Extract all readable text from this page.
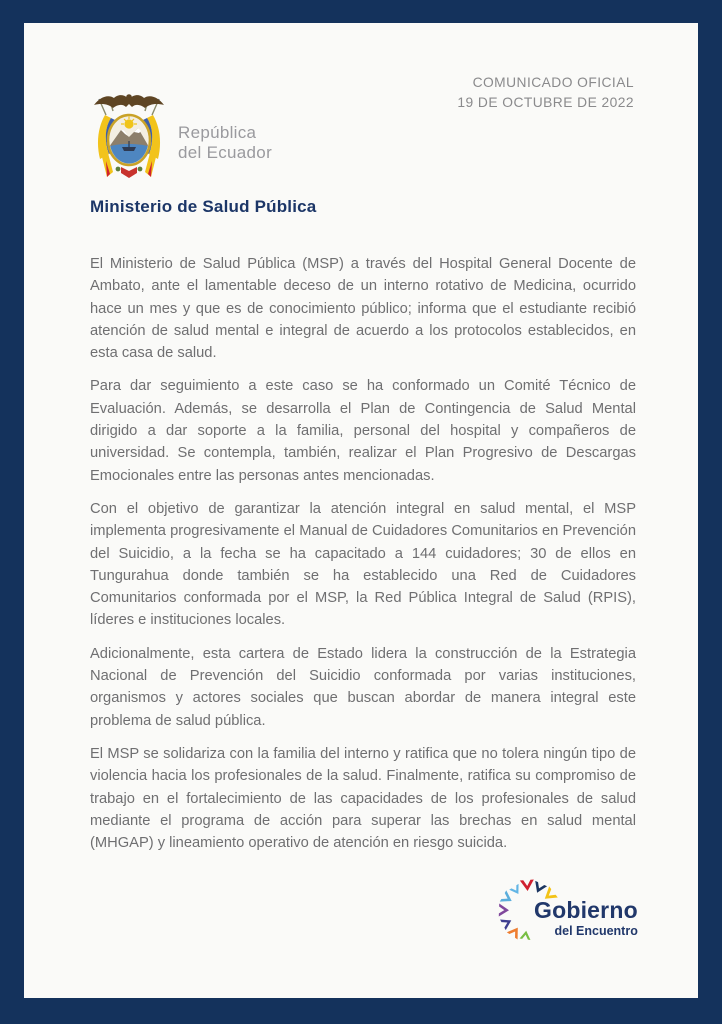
República
del Ecuador
COMUNICADO OFICIAL
19 DE OCTUBRE DE 2022
Ministerio de Salud Pública

El Ministerio de Salud Pública (MSP) a través del Hospital General Docente de Ambato, ante el lamentable deceso de un interno rotativo de Medicina, ocurrido hace un mes y que es de conocimiento público; informa que el estudiante recibió atención de salud mental e integral de acuerdo a los protocolos establecidos, en esta casa de salud.

Para dar seguimiento a este caso se ha conformado un Comité Técnico de Evaluación. Además, se desarrolla el Plan de Contingencia de Salud Mental dirigido a dar soporte a la familia, personal del hospital y compañeros de universidad. Se contempla, también, realizar el Plan Progresivo de Descargas Emocionales entre las personas antes mencionadas.

Con el objetivo de garantizar la atención integral en salud mental, el MSP implementa progresivamente el Manual de Cuidadores Comunitarios en Prevención del Suicidio, a la fecha se ha capacitado a 144 cuidadores; 30 de ellos en Tungurahua donde también se ha establecido una Red de Cuidadores Comunitarios conformada por el MSP, la Red Pública Integral de Salud (RPIS), líderes e instituciones locales.

Adicionalmente, esta cartera de Estado lidera la construcción de la Estrategia Nacional de Prevención del Suicidio conformada por varias instituciones, organismos y actores sociales que buscan abordar de manera integral este problema de salud pública.

El MSP se solidariza con la familia del interno y ratifica que no tolera ningún tipo de violencia hacia los profesionales de la salud. Finalmente, ratifica su compromiso de trabajo en el fortalecimiento de las capacidades de los profesionales de salud mediante el programa de acción para superar las brechas en salud mental (MHGAP) y lineamiento operativo de atención en riesgo suicida.

Gobierno
del Encuentro
